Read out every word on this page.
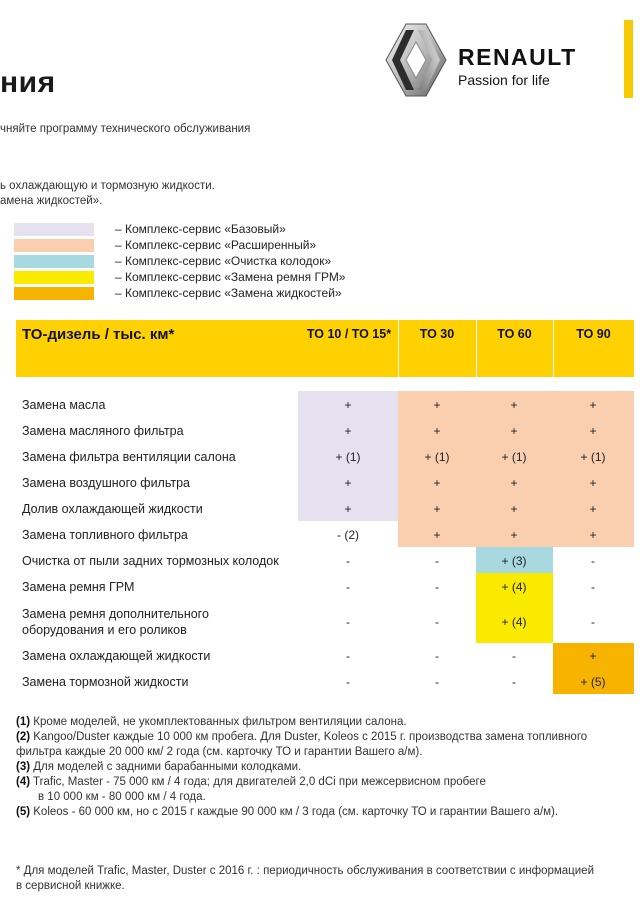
ния
чняйте программу технического обслуживания
ь охлаждающую и тормозную жидкости.
амена жидкостей».
RENAULT
Passion for life
– Комплекс-сервис «Базовый»
– Комплекс-сервис «Расширенный»
– Комплекс-сервис «Очистка колодок»
– Комплекс-сервис «Замена ремня ГРМ»
– Комплекс-сервис «Замена жидкостей»
ТО-дизель / тыс. км*	ТО 10 / ТО 15*	ТО 30	ТО 60	ТО 90
Замена масла	+	+	+	+
Замена масляного фильтра	+	+	+	+
Замена фильтра вентиляции салона	+ (1)	+ (1)	+ (1)	+ (1)
Замена воздушного фильтра	+	+	+	+
Долив охлаждающей жидкости	+	+	+	+
Замена топливного фильтра	- (2)	+	+	+
Очистка от пыли задних тормозных колодок	-	-	+ (3)	-
Замена ремня ГРМ	-	-	+ (4)	-
Замена ремня дополнительного
оборудования и его роликов
-	-	+ (4)	-
Замена охлаждающей жидкости	-	-	-	+
Замена тормозной жидкости	-	-	-	+ (5)
(1) Кроме моделей, не укомплектованных фильтром вентиляции салона.
(2) Kangoo/Duster каждые 10 000 км пробега. Для Duster, Koleos с 2015 г. производства замена топливного
фильтра каждые 20 000 км/ 2 года (см. карточку ТО и гарантии Вашего а/м).
(3) Для моделей с задними барабанными колодками.
(4) Trafic, Master - 75 000 км / 4 года; для двигателей 2,0 dCi при межсервисном пробеге
в 10 000 км - 80 000 км / 4 года.
(5) Koleos - 60 000 км, но с 2015 г каждые 90 000 км / 3 года (см. карточку ТО и гарантии Вашего а/м).
* Для моделей Trafic, Master, Duster с 2016 г. : периодичность обслуживания в соответствии с информацией
в сервисной книжке.
